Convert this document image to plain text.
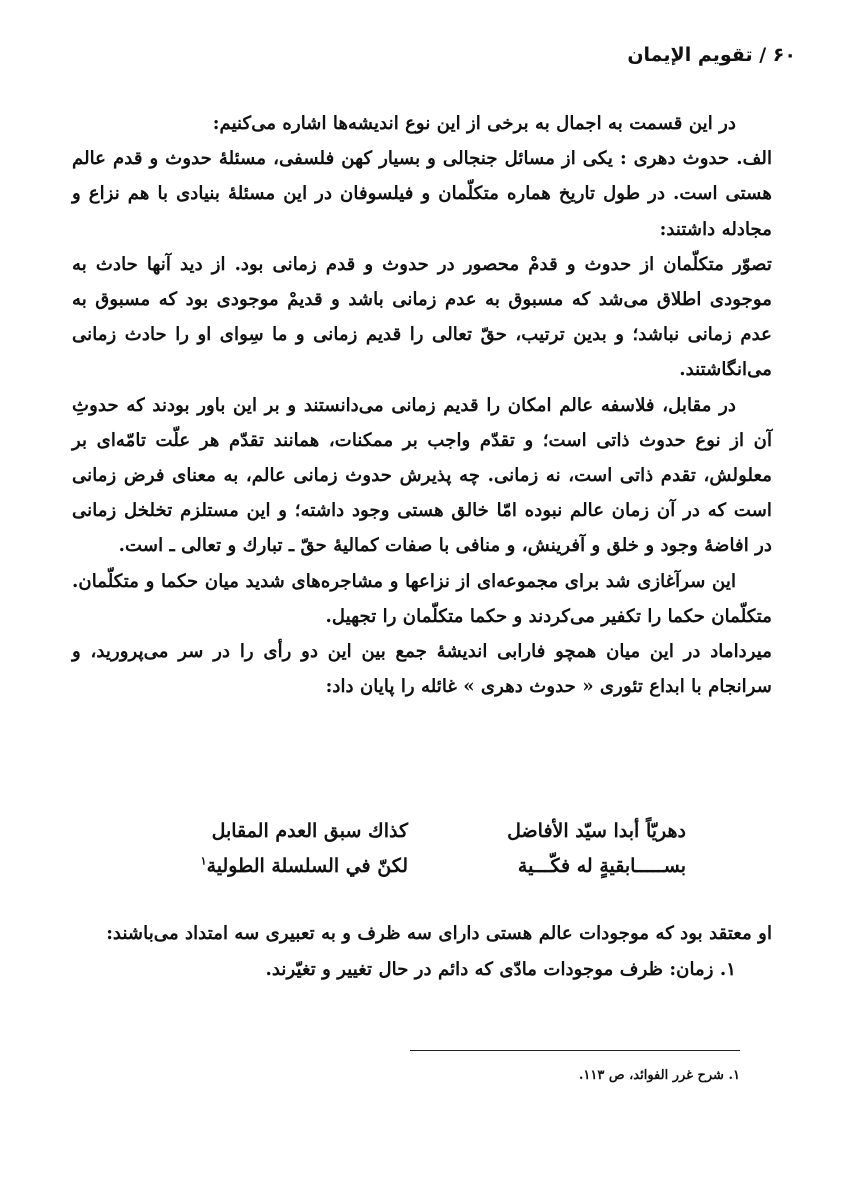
۶۰ / تقويم الإيمان

در اين قسمت به اجمال به برخى از اين نوع انديشه‌ها اشاره مى‌كنيم:

الف. حدوث دهرى : يكى از مسائل جنجالى و بسيار كهن فلسفى، مسئلۀ حدوث و قدم عالم هستى است. در طول تاريخ هماره متكلّمان و فيلسوفان در اين مسئلۀ بنيادى با هم نزاع و مجادله داشتند:

تصوّر متكلّمان از حدوث و قدمْ محصور در حدوث و قدم زمانى بود. از ديد آنها حادث به موجودى اطلاق مى‌شد كه مسبوق به عدم زمانى باشد و قديمْ موجودى بود كه مسبوق به عدم زمانى نباشد؛ و بدين ترتيب، حقّ تعالى را قديم زمانى و ما سِواى او را حادث زمانى مى‌انگاشتند.

در مقابل، فلاسفه عالم امكان را قديم زمانى مى‌دانستند و بر اين باور بودند كه حدوثِ آن از نوع حدوث ذاتى است؛ و تقدّم واجب بر ممكنات، همانند تقدّم هر علّت تامّه‌اى بر معلولش، تقدم ذاتى است، نه زمانى. چه پذيرش حدوث زمانى عالم، به معناى فرض زمانى است كه در آن زمان عالم نبوده امّا خالق هستى وجود داشته؛ و اين مستلزم تخلخل زمانى در افاضۀ وجود و خلق و آفرينش، و منافى با صفات كماليۀ حقّ ـ تبارك و تعالى ـ است.

اين سرآغازى شد براى مجموعه‌اى از نزاعها و مشاجره‌هاى شديد ميان حكما و متكلّمان. متكلّمان حكما را تكفير مى‌كردند و حكما متكلّمان را تجهيل.

ميرداماد در اين ميان همچو فارابى انديشۀ جمع بين اين دو رأى را در سر مى‌پروريد، و سرانجام با ابداع تئورى « حدوث دهرى » غائله را پايان داد:

دهريّاً أبدا سيّد الأفاضل
كذاك سبق العدم المقابل
بســـــابقيةٍ له فكّـــية
لكنّ في السلسلة الطولية$^۱$

او معتقد بود كه موجودات عالم هستى داراى سه ظرف و به تعبيرى سه امتداد مى‌باشند:

۱. زمان: ظرف موجودات مادّى كه دائم در حال تغيير و تغيّرند.

۱. شرح غرر الفوائد، ص ۱۱۳.
